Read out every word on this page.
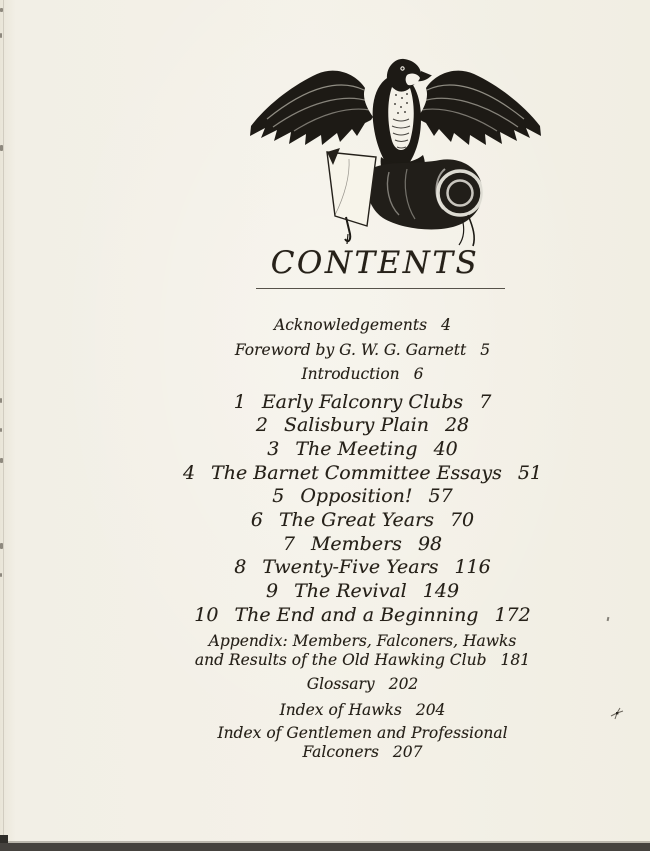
CONTENTS
Acknowledgements 4
Foreword by G. W. G. Garnett 5
Introduction 6
1 Early Falconry Clubs 7
2 Salisbury Plain 28
3 The Meeting 40
4 The Barnet Committee Essays 51
5 Opposition! 57
6 The Great Years 70
7 Members 98
8 Twenty-Five Years 116
9 The Revival 149
10 The End and a Beginning 172
Appendix: Members, Falconers, Hawks
and Results of the Old Hawking Club 181
Glossary 202
Index of Hawks 204
Index of Gentlemen and Professional
Falconers 207
